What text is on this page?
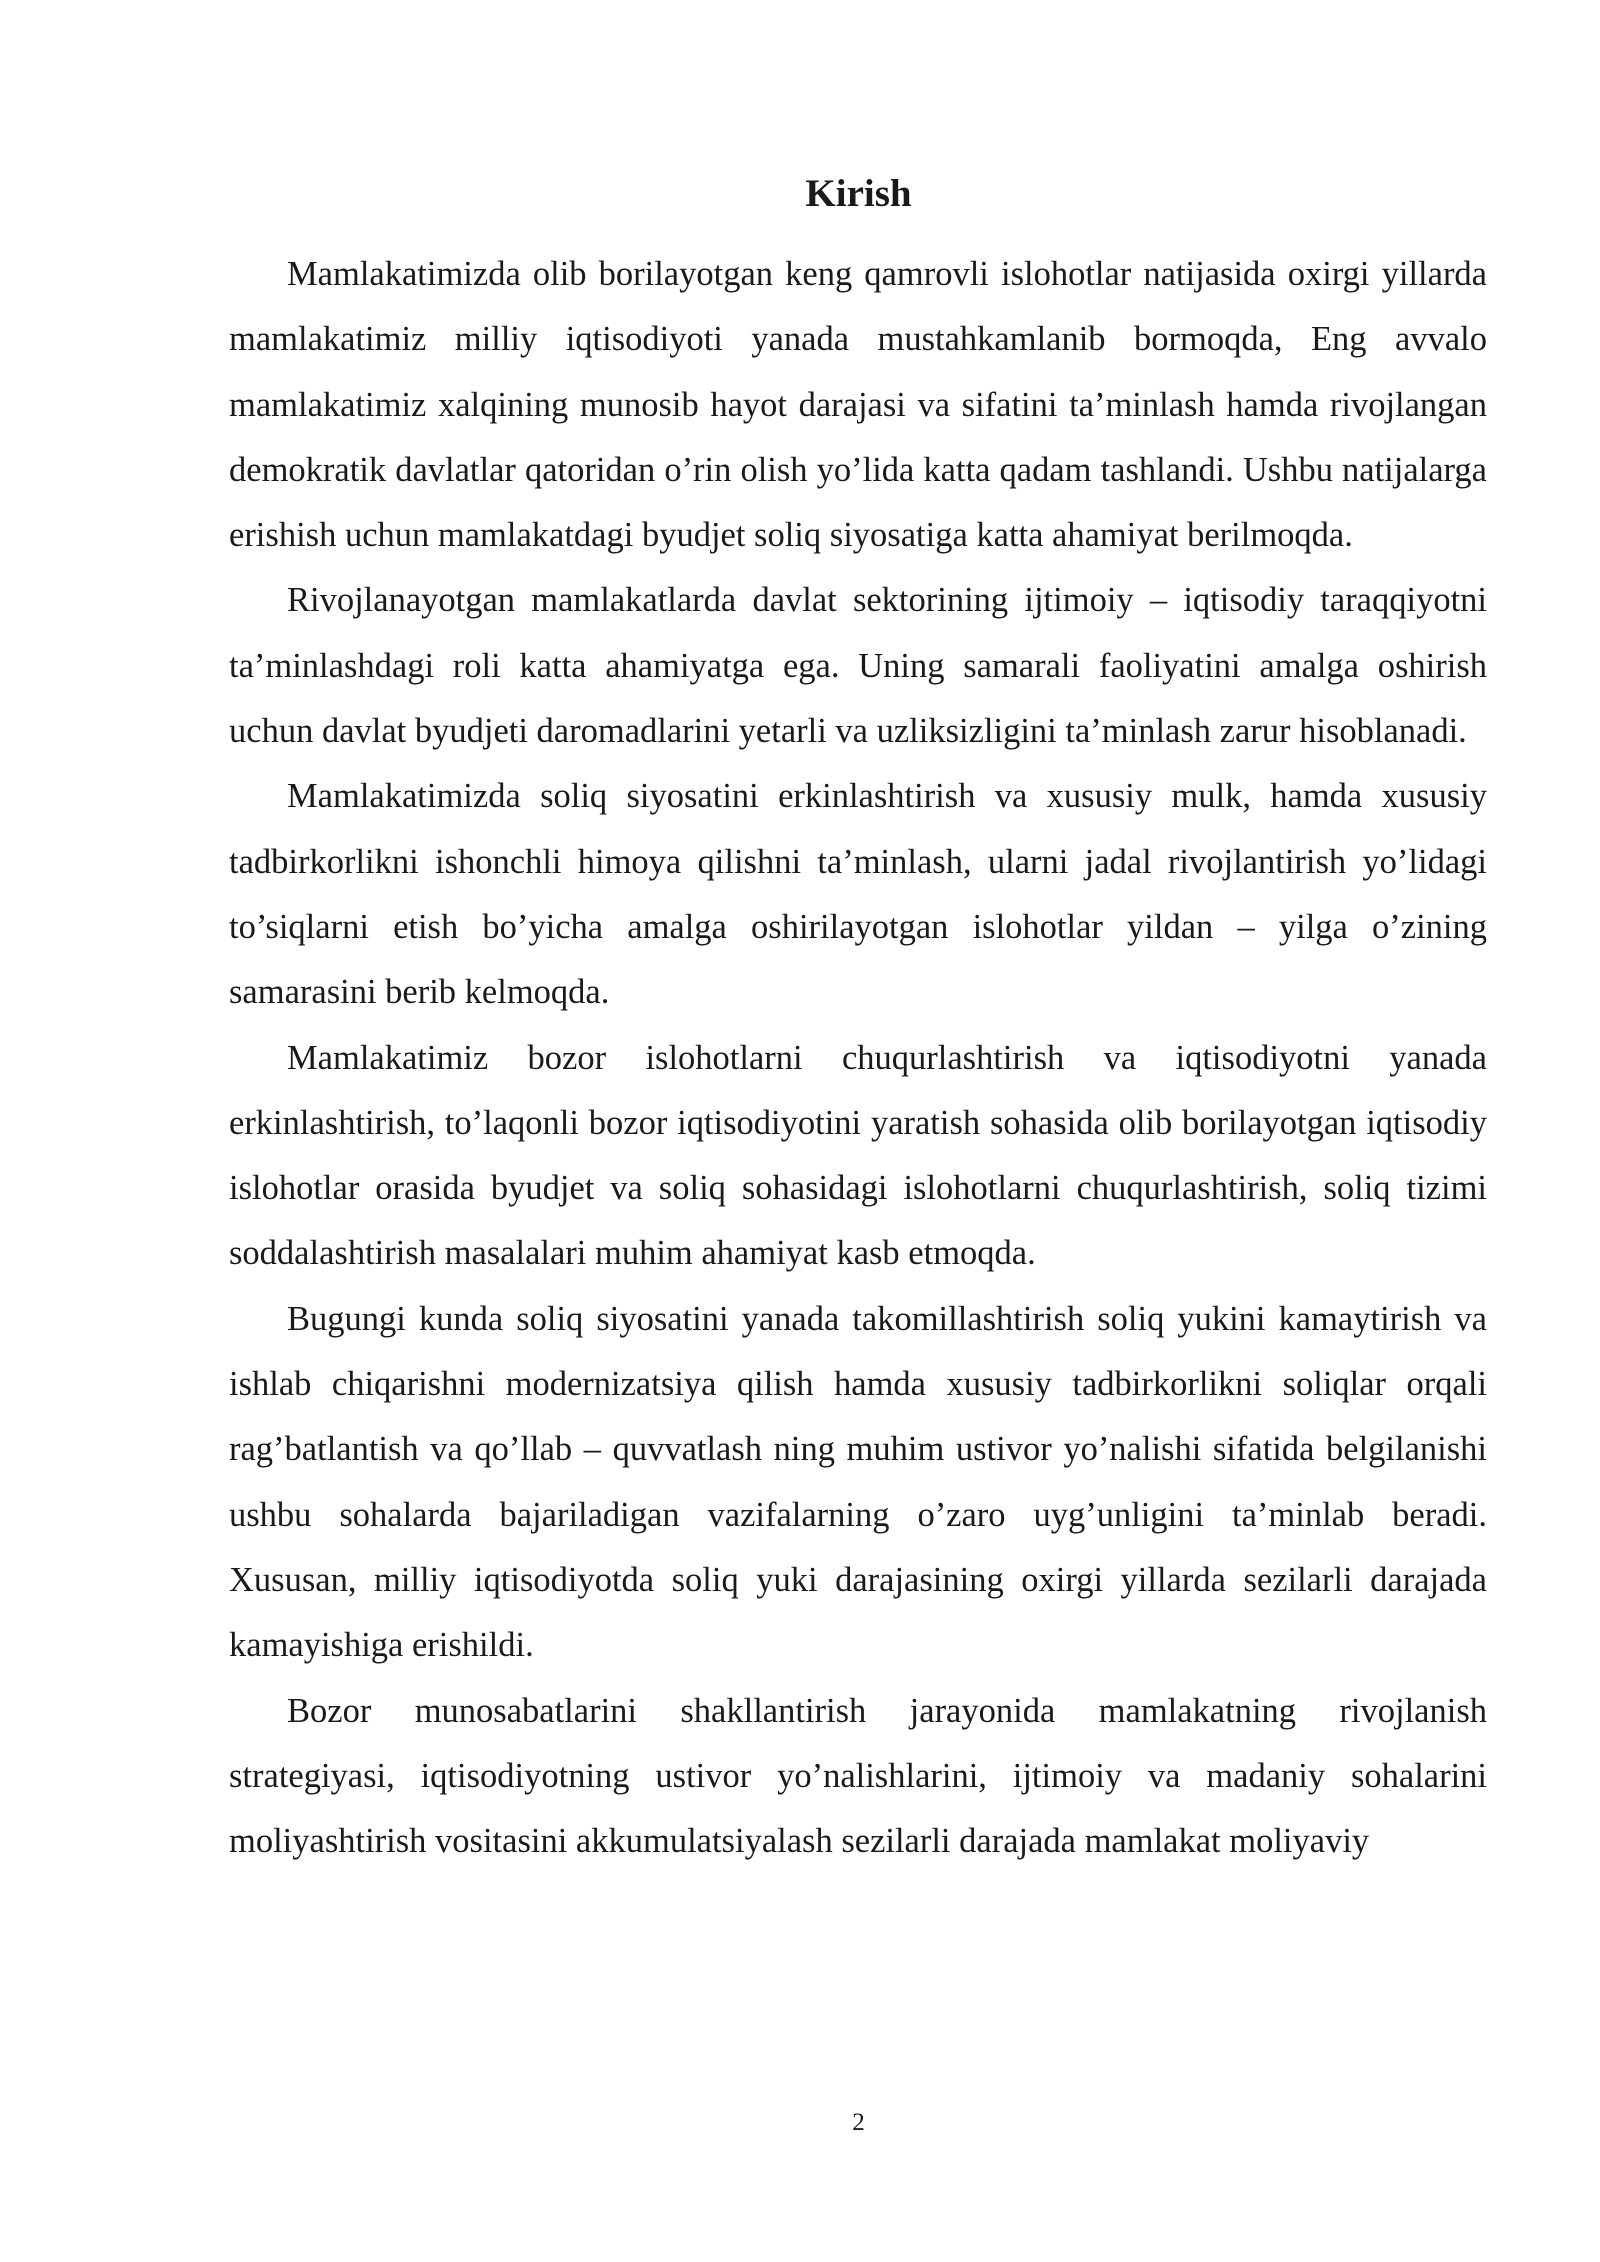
Kirish

Mamlakatimizda olib borilayotgan keng qamrovli islohotlar natijasida oxirgi yillarda mamlakatimiz milliy iqtisodiyoti yanada mustahkamlanib bormoqda, Eng avvalo mamlakatimiz xalqining munosib hayot darajasi va sifatini ta’minlash hamda rivojlangan demokratik davlatlar qatoridan o’rin olish yo’lida katta qadam tashlandi. Ushbu natijalarga erishish uchun mamlakatdagi byudjet soliq siyosatiga katta ahamiyat berilmoqda.

Rivojlanayotgan mamlakatlarda davlat sektorining ijtimoiy – iqtisodiy taraqqiyotni ta’minlashdagi roli katta ahamiyatga ega. Uning samarali faoliyatini amalga oshirish uchun davlat byudjeti daromadlarini yetarli va uzliksizligini ta’minlash zarur hisoblanadi.

Mamlakatimizda soliq siyosatini erkinlashtirish va xususiy mulk, hamda xususiy tadbirkorlikni ishonchli himoya qilishni ta’minlash, ularni jadal rivojlantirish yo’lidagi to’siqlarni etish bo’yicha amalga oshirilayotgan islohotlar yildan – yilga o’zining samarasini berib kelmoqda.

Mamlakatimiz bozor islohotlarni chuqurlashtirish va iqtisodiyotni yanada erkinlashtirish, to’laqonli bozor iqtisodiyotini yaratish sohasida olib borilayotgan iqtisodiy islohotlar orasida byudjet va soliq sohasidagi islohotlarni chuqurlashtirish, soliq tizimi soddalashtirish masalalari muhim ahamiyat kasb etmoqda.

Bugungi kunda soliq siyosatini yanada takomillashtirish soliq yukini kamaytirish va ishlab chiqarishni modernizatsiya qilish hamda xususiy tadbirkorlikni soliqlar orqali rag’batlantish va qo’llab – quvvatlash ning muhim ustivor yo’nalishi sifatida belgilanishi ushbu sohalarda bajariladigan vazifalarning o’zaro uyg’unligini ta’minlab beradi. Xususan, milliy iqtisodiyotda soliq yuki darajasining oxirgi yillarda sezilarli darajada kamayishiga erishildi.

Bozor munosabatlarini shakllantirish jarayonida mamlakatning rivojlanish strategiyasi, iqtisodiyotning ustivor yo’nalishlarini, ijtimoiy va madaniy sohalarini moliyashtirish vositasini akkumulatsiyalash sezilarli darajada mamlakat moliyaviy

2
